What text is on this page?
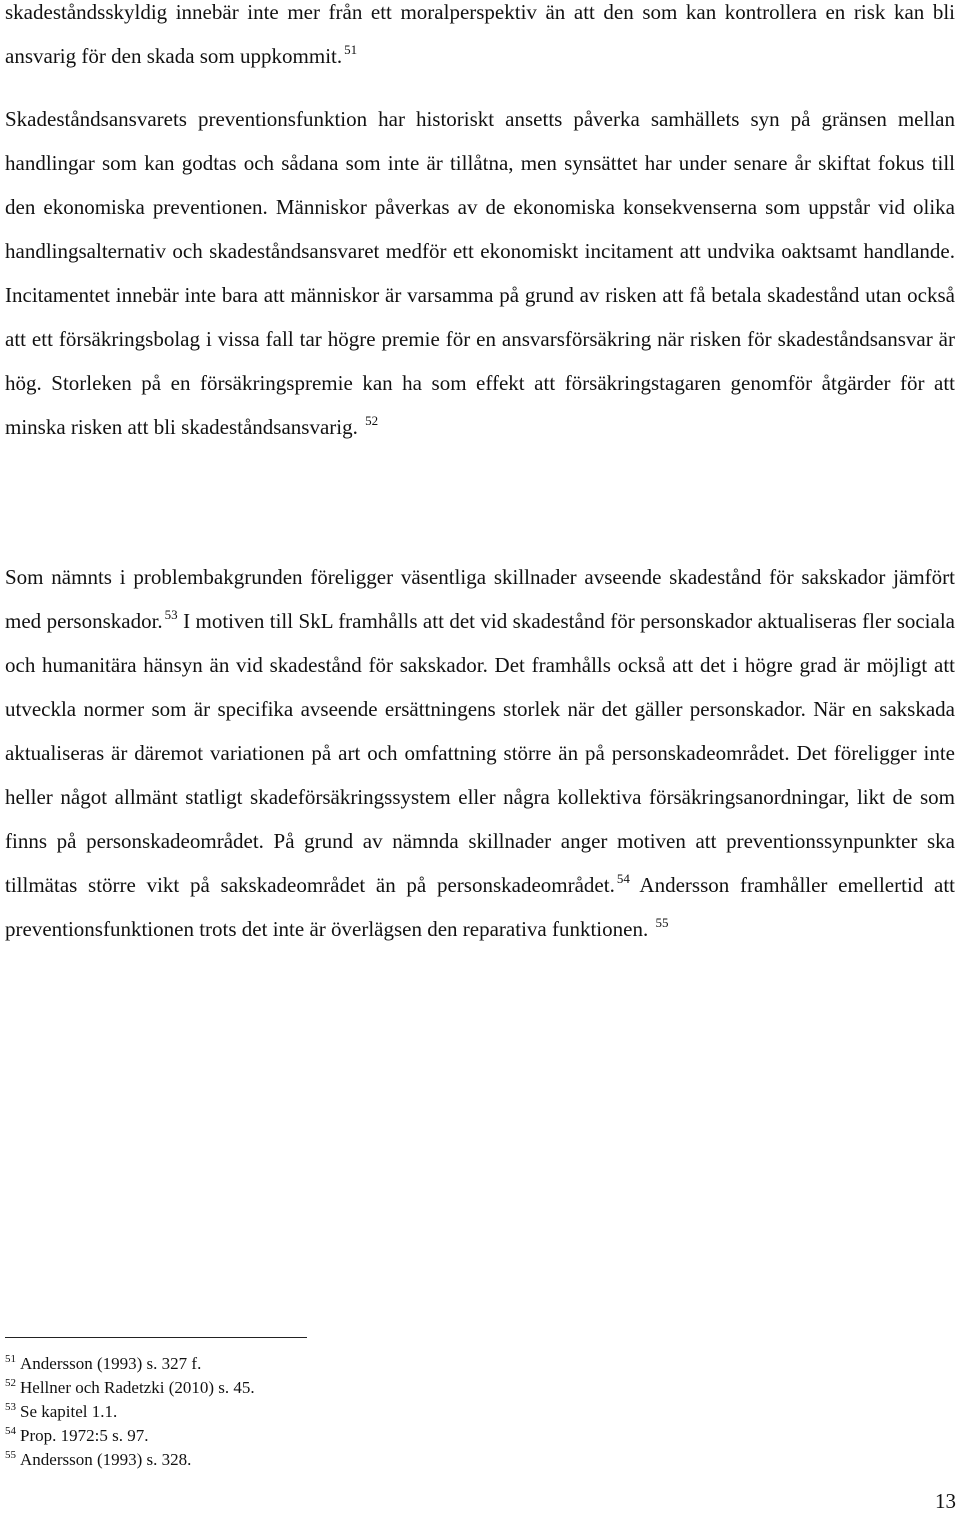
skadeståndsskyldig innebär inte mer från ett moralperspektiv än att den som kan kontrollera en risk kan bli ansvarig för den skada som uppkommit. $^{51}$

Skadeståndsansvarets preventionsfunktion har historiskt ansetts påverka samhällets syn på gränsen mellan handlingar som kan godtas och sådana som inte är tillåtna, men synsättet har under senare år skiftat fokus till den ekonomiska preventionen. Människor påverkas av de ekonomiska konsekvenserna som uppstår vid olika handlingsalternativ och skadeståndsansvaret medför ett ekonomiskt incitament att undvika oaktsamt handlande. Incitamentet innebär inte bara att människor är varsamma på grund av risken att få betala skadestånd utan också att ett försäkringsbolag i vissa fall tar högre premie för en ansvarsförsäkring när risken för skadeståndsansvar är hög. Storleken på en försäkringspremie kan ha som effekt att försäkringstagaren genomför åtgärder för att minska risken att bli skadeståndsansvarig. $^{52}$

Som nämnts i problembakgrunden föreligger väsentliga skillnader avseende skadestånd för sakskador jämfört med personskador. $^{53}$ I motiven till SkL framhålls att det vid skadestånd för personskador aktualiseras fler sociala och humanitära hänsyn än vid skadestånd för sakskador. Det framhålls också att det i högre grad är möjligt att utveckla normer som är specifika avseende ersättningens storlek när det gäller personskador. När en sakskada aktualiseras är däremot variationen på art och omfattning större än på personskadeområdet. Det föreligger inte heller något allmänt statligt skadeförsäkringssystem eller några kollektiva försäkringsanordningar, likt de som finns på personskadeområdet. På grund av nämnda skillnader anger motiven att preventionssynpunkter ska tillmätas större vikt på sakskadeområdet än på personskadeområdet. $^{54}$ Andersson framhåller emellertid att preventionsfunktionen trots det inte är överlägsen den reparativa funktionen. $^{55}$

$^{51}$ Andersson (1993) s. 327 f.
$^{52}$ Hellner och Radetzki (2010) s. 45.
$^{53}$ Se kapitel 1.1.
$^{54}$ Prop. 1972:5 s. 97.
$^{55}$ Andersson (1993) s. 328.
13
